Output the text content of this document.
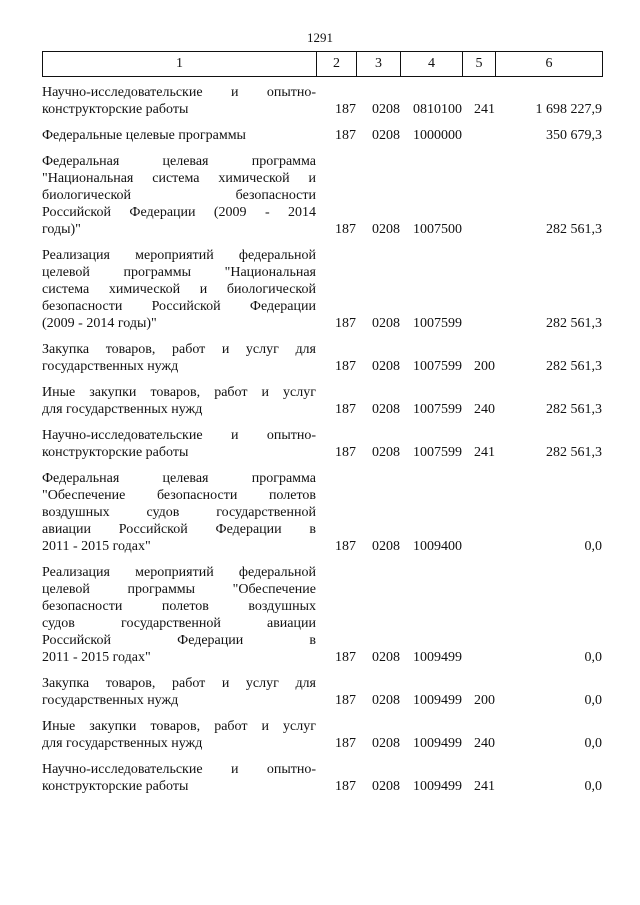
1291
1	2	3	4	5	6
Научно-исследовательские и опытно-
конструкторские работы	187	0208 0810100 241	1 698 227,9
Федеральные целевые программы	187	0208 1000000	350 679,3
Федеральная целевая программа
"Национальная система химической и
биологической безопасности
Российской Федерации (2009 - 2014
годы)"	187	0208 1007500	282 561,3
Реализация мероприятий федеральной
целевой программы "Национальная
система химической и биологической
безопасности Российской Федерации
(2009 - 2014 годы)"	187	0208 1007599	282 561,3
Закупка товаров, работ и услуг для
государственных нужд	187	0208 1007599 200	282 561,3
Иные закупки товаров, работ и услуг
для государственных нужд	187	0208 1007599 240	282 561,3
Научно-исследовательские и опытно-
конструкторские работы	187	0208 1007599 241	282 561,3
Федеральная целевая программа
"Обеспечение безопасности полетов
воздушных судов государственной
авиации Российской Федерации в
2011 - 2015 годах"	187	0208 1009400	0,0
Реализация мероприятий федеральной
целевой программы "Обеспечение
безопасности полетов воздушных
судов государственной авиации
Российской Федерации в
2011 - 2015 годах"	187	0208 1009499	0,0
Закупка товаров, работ и услуг для
государственных нужд	187	0208 1009499 200	0,0
Иные закупки товаров, работ и услуг
для государственных нужд	187	0208 1009499 240	0,0
Научно-исследовательские и опытно-
конструкторские работы	187	0208 1009499 241	0,0
